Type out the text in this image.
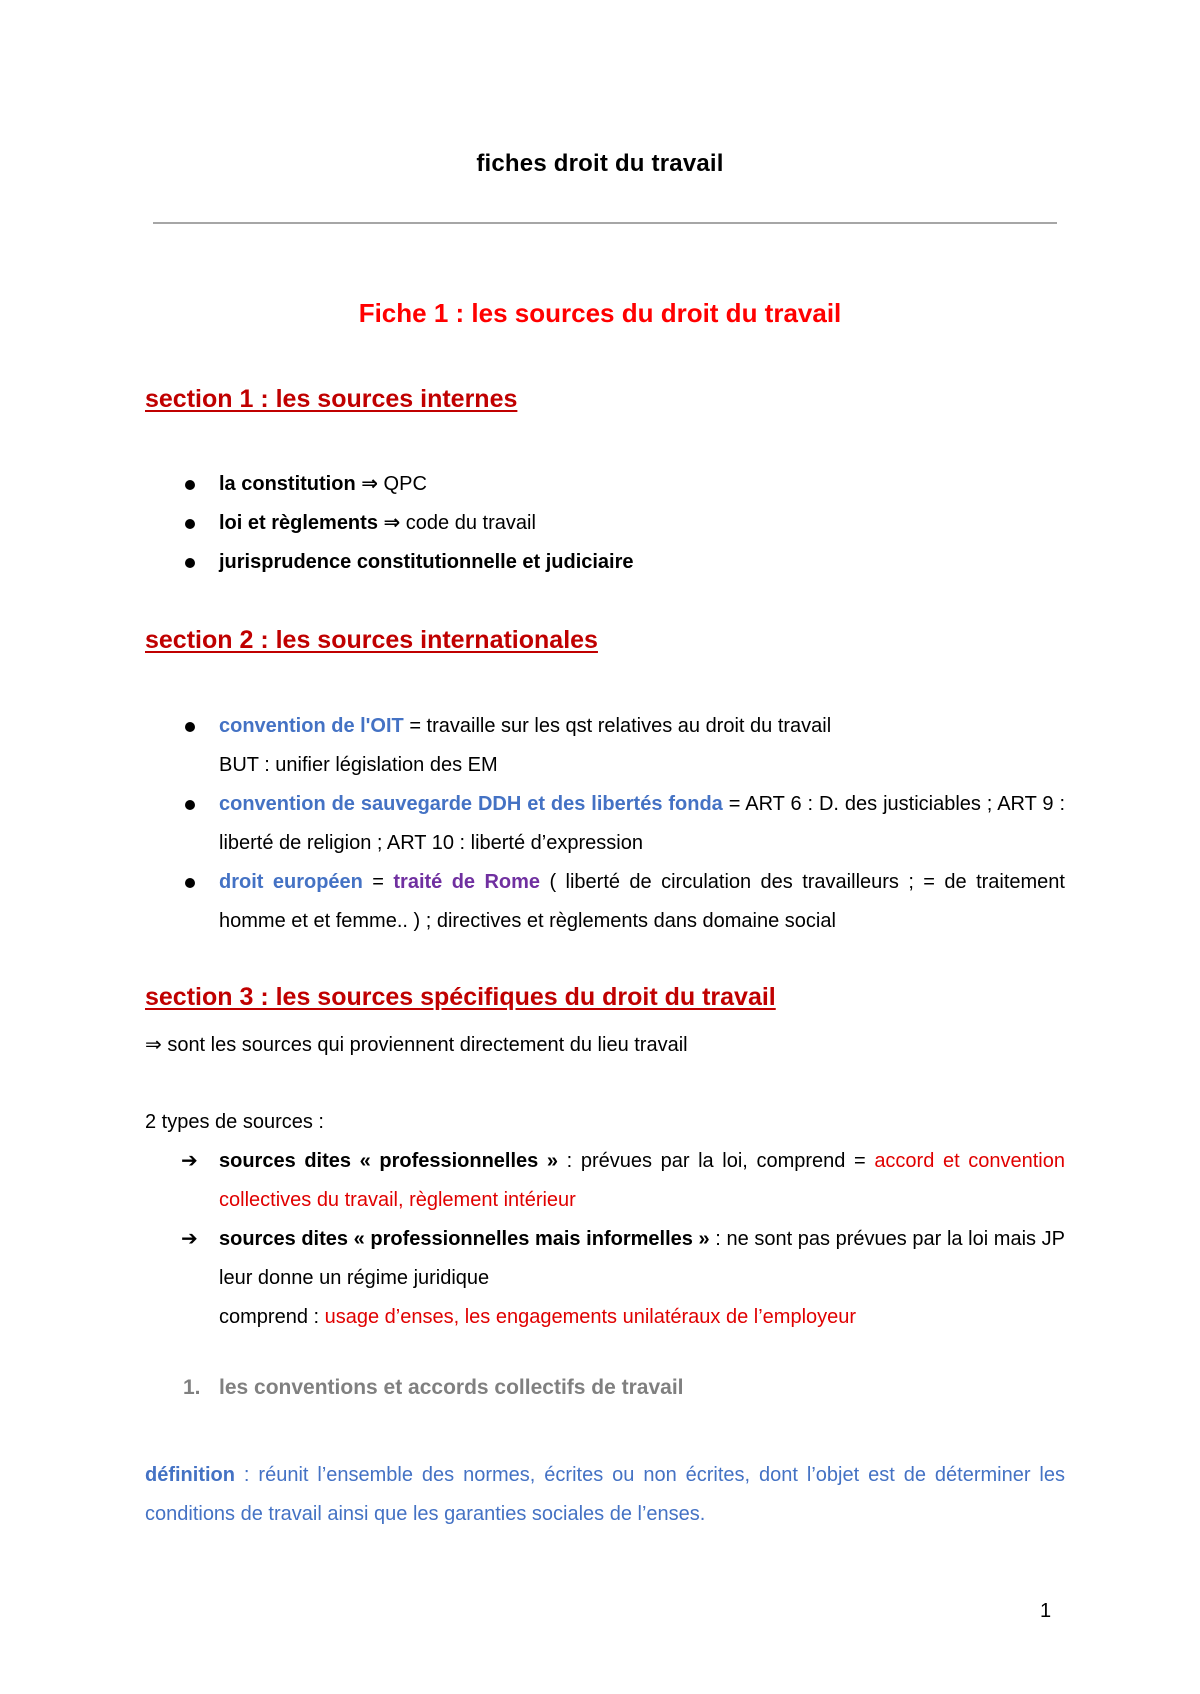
fiches droit du travail
Fiche 1 : les sources du droit du travail
section 1 : les sources internes
la constitution ⇒ QPC
loi et règlements ⇒ code du travail
jurisprudence constitutionnelle et judiciaire
section 2 : les sources internationales
convention de l'OIT = travaille sur les qst relatives au droit du travail
BUT : unifier législation des EM
convention de sauvegarde DDH et des libertés fonda = ART 6 : D. des justiciables ; ART 9 : liberté de religion ; ART 10 : liberté d’expression
droit européen = traité de Rome ( liberté de circulation des travailleurs ; = de traitement homme et et femme.. ) ; directives et règlements dans domaine social
section 3 : les sources spécifiques du droit du travail
⇒ sont les sources qui proviennent directement du lieu travail
2 types de sources :
➔ sources dites « professionnelles » : prévues par la loi, comprend = accord et convention collectives du travail, règlement intérieur
➔ sources dites « professionnelles mais informelles » : ne sont pas prévues par la loi mais JP leur donne un régime juridique
comprend : usage d’enses, les engagements unilatéraux de l’employeur
1. les conventions et accords collectifs de travail
définition : réunit l’ensemble des normes, écrites ou non écrites, dont l’objet est de déterminer les conditions de travail ainsi que les garanties sociales de l’enses.
1
